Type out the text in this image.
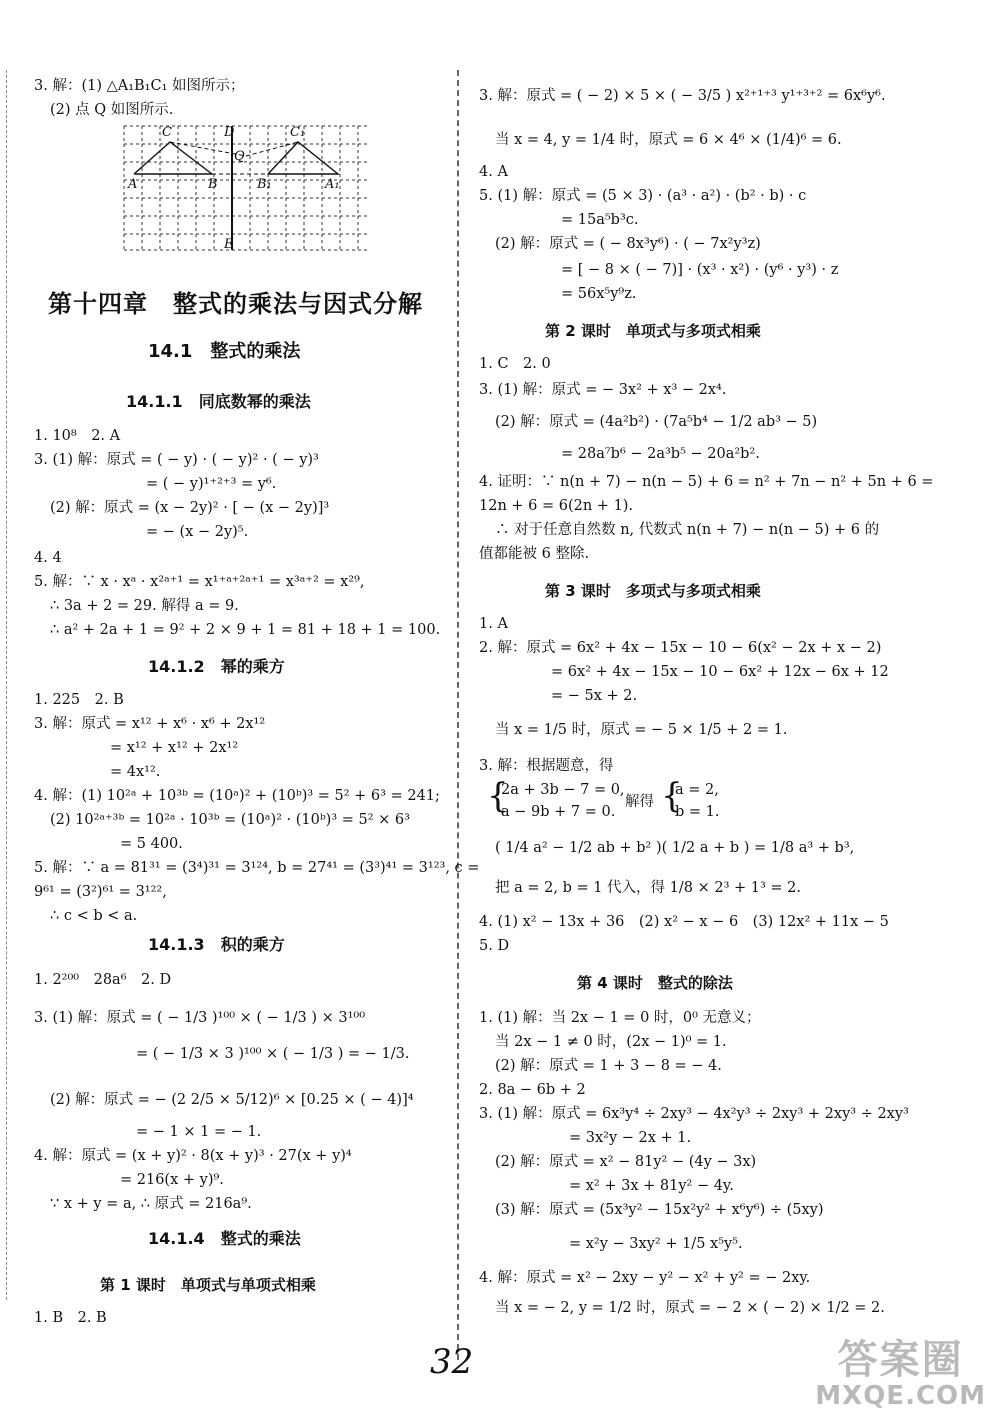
3. 解：(1) △A₁B₁C₁ 如图所示；
(2) 点 Q 如图所示.
C	D
Q
C₁
A	B	B₁	A₁
E
第十四章　整式的乘法与因式分解
14.1　整式的乘法
14.1.1　同底数幂的乘法
1. 10⁸　2. A
3. (1) 解：原式 = ( − y) · ( − y)² · ( − y)³
= ( − y)¹⁺²⁺³ = y⁶.
(2) 解：原式 = (x − 2y)² · [ − (x − 2y)]³
= − (x − 2y)⁵.
4. 4
5. 解：∵ x · xᵃ · x²ᵃ⁺¹ = x¹⁺ᵃ⁺²ᵃ⁺¹ = x³ᵃ⁺² = x²⁹,
∴ 3a + 2 = 29. 解得 a = 9.
∴ a² + 2a + 1 = 9² + 2 × 9 + 1 = 81 + 18 + 1 = 100.
14.1.2　幂的乘方
1. 225　2. B
3. 解：原式 = x¹² + x⁶ · x⁶ + 2x¹²
= x¹² + x¹² + 2x¹²
= 4x¹².
4. 解：(1) 10²ᵃ + 10³ᵇ = (10ᵃ)² + (10ᵇ)³ = 5² + 6³ = 241;
(2) 10²ᵃ⁺³ᵇ = 10²ᵃ · 10³ᵇ = (10ᵃ)² · (10ᵇ)³ = 5² × 6³
= 5 400.
5. 解：∵ a = 81³¹ = (3⁴)³¹ = 3¹²⁴, b = 27⁴¹ = (3³)⁴¹ = 3¹²³, c =
9⁶¹ = (3²)⁶¹ = 3¹²²,
∴ c < b < a.
14.1.3　积的乘方
1. 2²⁰⁰　28a⁶　2. D
3. (1) 解：原式 = ( − 1/3 )¹⁰⁰ × ( − 1/3 ) × 3¹⁰⁰
= ( − 1/3 × 3 )¹⁰⁰ × ( − 1/3 ) = − 1/3.
(2) 解：原式 = − (2 2/5 × 5/12)⁶ × [0.25 × ( − 4)]⁴
= − 1 × 1 = − 1.
4. 解：原式 = (x + y)² · 8(x + y)³ · 27(x + y)⁴
= 216(x + y)⁹.
∵ x + y = a, ∴ 原式 = 216a⁹.
14.1.4　整式的乘法
第 1 课时　单项式与单项式相乘
1. B　2. B
3. 解：原式 = ( − 2) × 5 × ( − 3/5 ) x²⁺¹⁺³ y¹⁺³⁺² = 6x⁶y⁶.
当 x = 4, y = 1/4 时，原式 = 6 × 4⁶ × (1/4)⁶ = 6.
4. A
5. (1) 解：原式 = (5 × 3) · (a³ · a²) · (b² · b) · c
= 15a⁵b³c.
(2) 解：原式 = ( − 8x³y⁶) · ( − 7x²y³z)
= [ − 8 × ( − 7)] · (x³ · x²) · (y⁶ · y³) · z
= 56x⁵y⁹z.
第 2 课时　单项式与多项式相乘
1. C　2. 0
3. (1) 解：原式 = − 3x² + x³ − 2x⁴.
(2) 解：原式 = (4a²b²) · (7a⁵b⁴ − 1/2 ab³ − 5)
= 28a⁷b⁶ − 2a³b⁵ − 20a²b².
4. 证明：∵ n(n + 7) − n(n − 5) + 6 = n² + 7n − n² + 5n + 6 =
12n + 6 = 6(2n + 1).
∴ 对于任意自然数 n, 代数式 n(n + 7) − n(n − 5) + 6 的
值都能被 6 整除.
第 3 课时　多项式与多项式相乘
1. A
2. 解：原式 = 6x² + 4x − 15x − 10 − 6(x² − 2x + x − 2)
= 6x² + 4x − 15x − 10 − 6x² + 12x − 6x + 12
= − 5x + 2.
当 x = 1/5 时，原式 = − 5 × 1/5 + 2 = 1.
3. 解：根据题意，得
{
2a + 3b − 7 = 0,
a − 9b + 7 = 0.
解得 {
a = 2,
b = 1.
( 1/4 a² − 1/2 ab + b² )( 1/2 a + b ) = 1/8 a³ + b³,
把 a = 2, b = 1 代入，得 1/8 × 2³ + 1³ = 2.
4. (1) x² − 13x + 36　(2) x² − x − 6　(3) 12x² + 11x − 5
5. D
第 4 课时　整式的除法
1. (1) 解：当 2x − 1 = 0 时，0⁰ 无意义；
当 2x − 1 ≠ 0 时，(2x − 1)⁰ = 1.
(2) 解：原式 = 1 + 3 − 8 = − 4.
2. 8a − 6b + 2
3. (1) 解：原式 = 6x³y⁴ ÷ 2xy³ − 4x²y³ ÷ 2xy³ + 2xy³ ÷ 2xy³
= 3x²y − 2x + 1.
(2) 解：原式 = x² − 81y² − (4y − 3x)
= x² + 3x + 81y² − 4y.
(3) 解：原式 = (5x³y² − 15x²y² + x⁶y⁶) ÷ (5xy)
= x²y − 3xy² + 1/5 x⁵y⁵.
4. 解：原式 = x² − 2xy − y² − x² + y² = − 2xy.
当 x = − 2, y = 1/2 时，原式 = − 2 × ( − 2) × 1/2 = 2.
32	答案圈
MXQE.COM
